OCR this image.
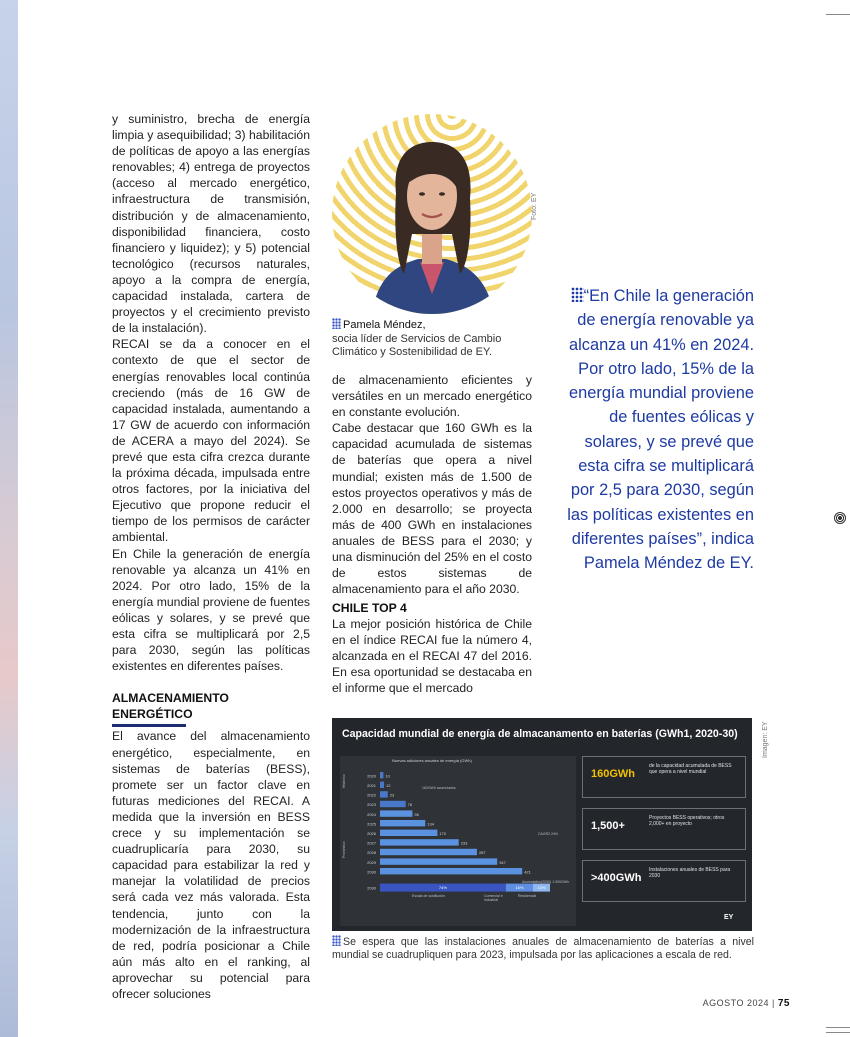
y suministro, brecha de energía limpia y asequibilidad; 3) habilitación de políticas de apoyo a las energías renovables; 4) entrega de proyectos (acceso al mercado energético, infraestructura de transmisión, distribución y de almacenamiento, disponibilidad financiera, costo financiero y liquidez); y 5) potencial tecnológico (recursos naturales, apoyo a la compra de energía, capacidad instalada, cartera de proyectos y el crecimiento previsto de la instalación).

RECAI se da a conocer en el contexto de que el sector de energías renovables local continúa creciendo (más de 16 GW de capacidad instalada, aumentando a 17 GW de acuerdo con información de ACERA a mayo del 2024). Se prevé que esta cifra crezca durante la próxima década, impulsada entre otros factores, por la iniciativa del Ejecutivo que propone reducir el tiempo de los permisos de carácter ambiental.

En Chile la generación de energía renovable ya alcanza un 41% en 2024. Por otro lado, 15% de la energía mundial proviene de fuentes eólicas y solares, y se prevé que esta cifra se multiplicará por 2,5 para 2030, según las políticas existentes en diferentes países.

ALMACENAMIENTO
ENERGÉTICO

El avance del almacenamiento energético, especialmente, en sistemas de baterías (BESS), promete ser un factor clave en futuras mediciones del RECAI. A medida que la inversión en BESS crece y su implementación se cuadruplicaría para 2030, su capacidad para estabilizar la red y manejar la volatilidad de precios será cada vez más valorada. Esta tendencia, junto con la modernización de la infraestructura de red, podría posicionar a Chile aún más alto en el ranking, al aprovechar su potencial para ofrecer soluciones

Foto: EY
Pamela Méndez,
socia líder de Servicios de Cambio Climático y Sostenibilidad de EY.

de almacenamiento eficientes y versátiles en un mercado energético en constante evolución.

Cabe destacar que 160 GWh es la capacidad acumulada de sistemas de baterías que opera a nivel mundial; existen más de 1.500 de estos proyectos operativos y más de 2.000 en desarrollo; se proyecta más de 400 GWh en instalaciones anuales de BESS para el 2030; y una disminución del 25% en el costo de estos sistemas de almacenamiento para el año 2030.

CHILE TOP 4

La mejor posición histórica de Chile en el índice RECAI fue la número 4, alcanzada en el RECAI 47 del 2016. En esa oportunidad se destacaba en el informe que el mercado

“En Chile la generación de energía renovable ya alcanza un 41% en 2024. Por otro lado, 15% de la energía mundial proviene de fuentes eólicas y solares, y se prevé que esta cifra se multiplicará por 2,5 para 2030, según las políticas existentes en diferentes países”, indica Pamela Méndez de EY.
Capacidad mundial de energía de almacanamento en baterías (GWh1, 2020-30)
Nuevas adiciones anuales de energía (GWh)
Histórico
Pronóstico
160GWh acumulados
CAGR2 24%
2020 10
2021	12
2022	23
2023	76
2024	96
2025	134
2026	170
2027	233
2028	287
2029	347
2030	421
2030	74%	16%	10%
Acumulativo(2030) 1.900GWh
Escala de sustitución	Comercial e industrial
Residencial
160GWh
de la capacidad acumulada de BESS que opera a nivel mundial
1,500+
Proyectos BESS operativos; otros 2,000+ en proyecto
>400GWh
Instalaciones anuales de BESS para 2030
EY
Imagen: EY
Se espera que las instalaciones anuales de almacenamiento de baterías a nivel mundial se cuadrupliquen para 2023, impulsada por las aplicaciones a escala de red.
AGOSTO 2024 | 75
